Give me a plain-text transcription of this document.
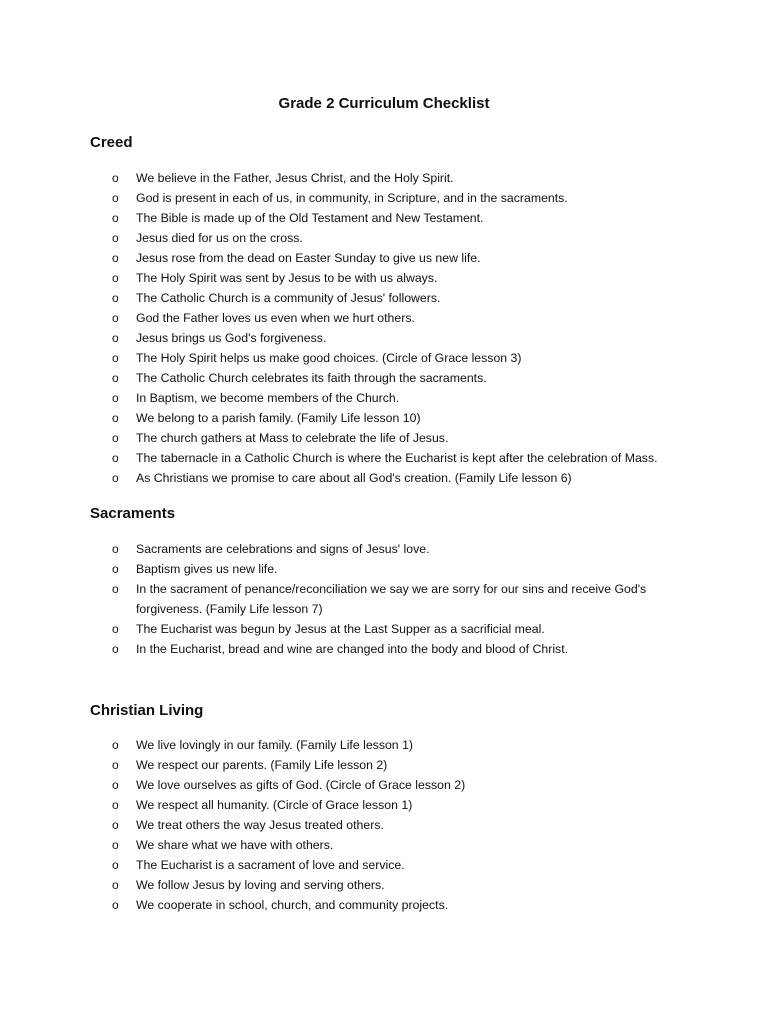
Grade 2 Curriculum Checklist
Creed
o We believe in the Father, Jesus Christ, and the Holy Spirit.
o God is present in each of us, in community, in Scripture, and in the sacraments.
o The Bible is made up of the Old Testament and New Testament.
o Jesus died for us on the cross.
o Jesus rose from the dead on Easter Sunday to give us new life.
o The Holy Spirit was sent by Jesus to be with us always.
o The Catholic Church is a community of Jesus' followers.
o God the Father loves us even when we hurt others.
o Jesus brings us God's forgiveness.
o The Holy Spirit helps us make good choices. (Circle of Grace lesson 3)
o The Catholic Church celebrates its faith through the sacraments.
o In Baptism, we become members of the Church.
o We belong to a parish family. (Family Life lesson 10)
o The church gathers at Mass to celebrate the life of Jesus.
o The tabernacle in a Catholic Church is where the Eucharist is kept after the celebration of Mass.
o As Christians we promise to care about all God's creation. (Family Life lesson 6)
Sacraments
o Sacraments are celebrations and signs of Jesus' love.
o Baptism gives us new life.
o In the sacrament of penance/reconciliation we say we are sorry for our sins and receive God's forgiveness. (Family Life lesson 7)
o The Eucharist was begun by Jesus at the Last Supper as a sacrificial meal.
o In the Eucharist, bread and wine are changed into the body and blood of Christ.
Christian Living
o We live lovingly in our family. (Family Life lesson 1)
o We respect our parents. (Family Life lesson 2)
o We love ourselves as gifts of God. (Circle of Grace lesson 2)
o We respect all humanity. (Circle of Grace lesson 1)
o We treat others the way Jesus treated others.
o We share what we have with others.
o The Eucharist is a sacrament of love and service.
o We follow Jesus by loving and serving others.
o We cooperate in school, church, and community projects.
